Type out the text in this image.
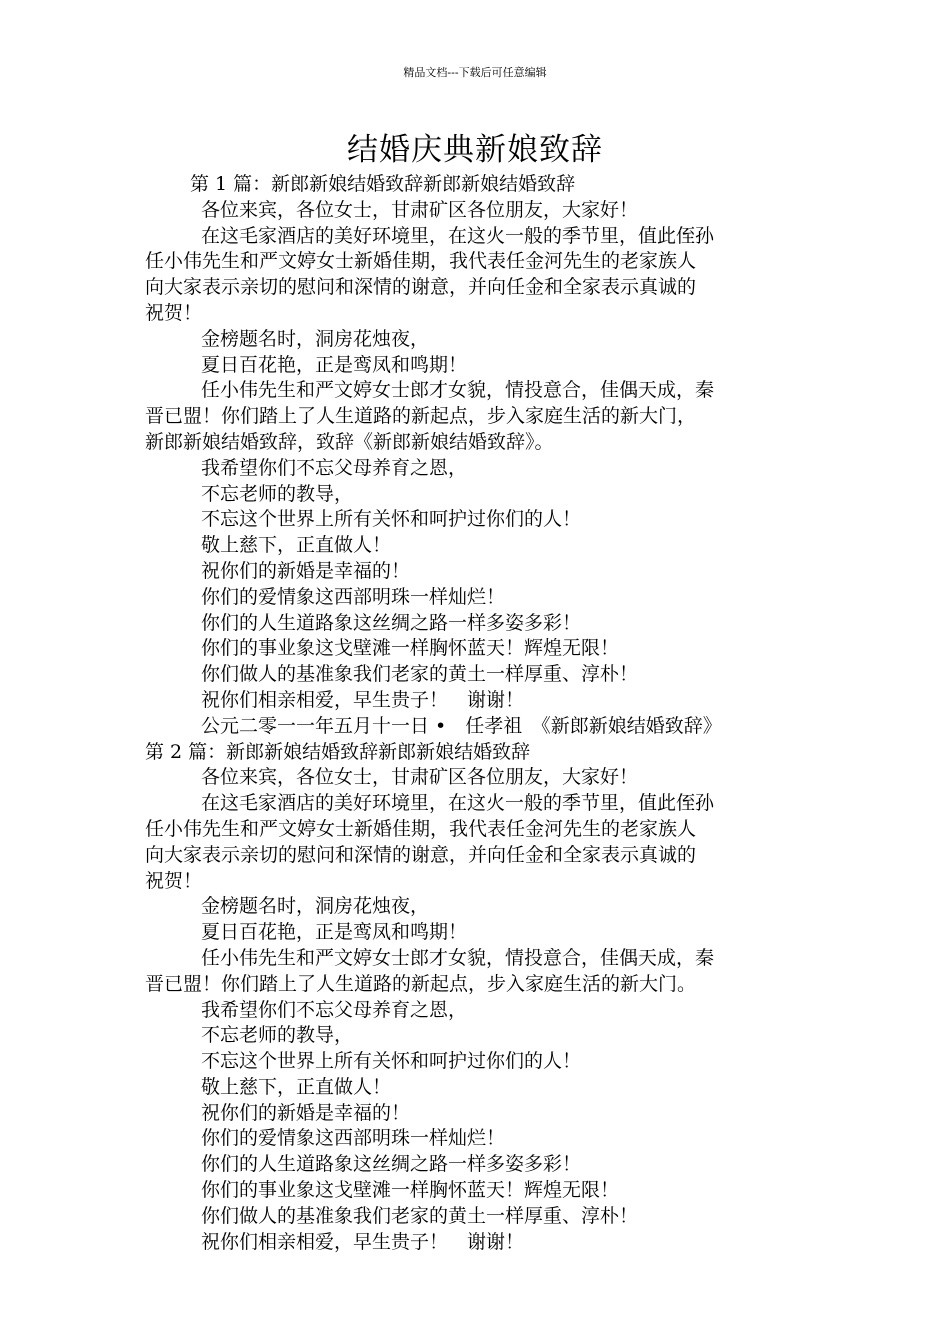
精品文档---下载后可任意编辑
结婚庆典新娘致辞
第 1 篇：新郎新娘结婚致辞新郎新娘结婚致辞
各位来宾，各位女士，甘肃矿区各位朋友，大家好！
在这毛家酒店的美好环境里，在这火一般的季节里，值此侄孙
任小伟先生和严文婷女士新婚佳期，我代表任金河先生的老家族人
向大家表示亲切的慰问和深情的谢意，并向任金和全家表示真诚的
祝贺！
金榜题名时，洞房花烛夜，
夏日百花艳，正是鸾凤和鸣期！
任小伟先生和严文婷女士郎才女貌，情投意合，佳偶天成，秦
晋已盟！你们踏上了人生道路的新起点，步入家庭生活的新大门，
新郎新娘结婚致辞，致辞《新郎新娘结婚致辞》。
我希望你们不忘父母养育之恩，
不忘老师的教导，
不忘这个世界上所有关怀和呵护过你们的人！
敬上慈下，正直做人！
祝你们的新婚是幸福的！
你们的爱情象这西部明珠一样灿烂！
你们的人生道路象这丝绸之路一样多姿多彩！
你们的事业象这戈壁滩一样胸怀蓝天！辉煌无限！
你们做人的基准象我们老家的黄土一样厚重、淳朴！
祝你们相亲相爱，早生贵子！　谢谢！
公元二零一一年五月十一日 •　任孝祖　《新郎新娘结婚致辞》
第 2 篇：新郎新娘结婚致辞新郎新娘结婚致辞
各位来宾，各位女士，甘肃矿区各位朋友，大家好！
在这毛家酒店的美好环境里，在这火一般的季节里，值此侄孙
任小伟先生和严文婷女士新婚佳期，我代表任金河先生的老家族人
向大家表示亲切的慰问和深情的谢意，并向任金和全家表示真诚的
祝贺！
金榜题名时，洞房花烛夜，
夏日百花艳，正是鸾凤和鸣期！
任小伟先生和严文婷女士郎才女貌，情投意合，佳偶天成，秦
晋已盟！你们踏上了人生道路的新起点，步入家庭生活的新大门。
我希望你们不忘父母养育之恩，
不忘老师的教导，
不忘这个世界上所有关怀和呵护过你们的人！
敬上慈下，正直做人！
祝你们的新婚是幸福的！
你们的爱情象这西部明珠一样灿烂！
你们的人生道路象这丝绸之路一样多姿多彩！
你们的事业象这戈壁滩一样胸怀蓝天！辉煌无限！
你们做人的基准象我们老家的黄土一样厚重、淳朴！
祝你们相亲相爱，早生贵子！　谢谢！
